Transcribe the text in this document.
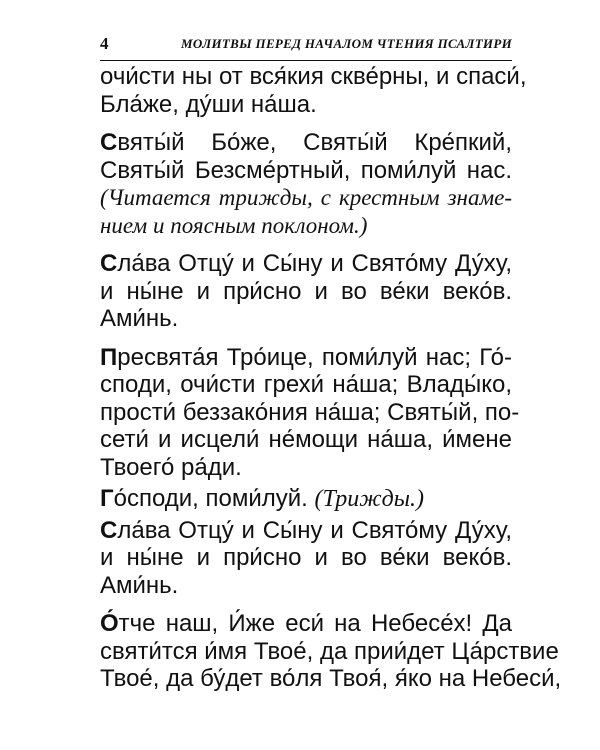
4	МОЛИТВЫ ПЕРЕД НАЧАЛОМ ЧТЕНИЯ ПСАЛТИРИ
очи́сти ны от вся́кия скве́рны, и спаси́,
Бла́же, ду́ши на́ша.
Святы́й Бо́же, Святы́й Кре́пкий,
Святы́й Безсме́ртный, поми́луй нас.
(Читается трижды, с крестным знаме-
нием и поясным поклоном.)
Сла́ва Отцу́ и Сы́ну и Свято́му Ду́ху,
и ны́не и при́сно и во ве́ки веко́в.
Ами́нь.
Пресвята́я Тро́ице, поми́луй нас; Го́-
споди, очи́сти грехи́ на́ша; Влады́ко,
прости́ беззако́ния на́ша; Святы́й, по-
сети́ и исцели́ не́мощи на́ша, и́мене
Твоего́ ра́ди.
Го́споди, поми́луй. (Трижды.)
Сла́ва Отцу́ и Сы́ну и Свято́му Ду́ху,
и ны́не и при́сно и во ве́ки веко́в.
Ами́нь.
О́тче наш, И́же еси́ на Небесе́х! Да
святи́тся и́мя Твое́, да прии́дет Ца́рствие
Твое́, да бу́дет во́ля Твоя́, я́ко на Небеси́,
